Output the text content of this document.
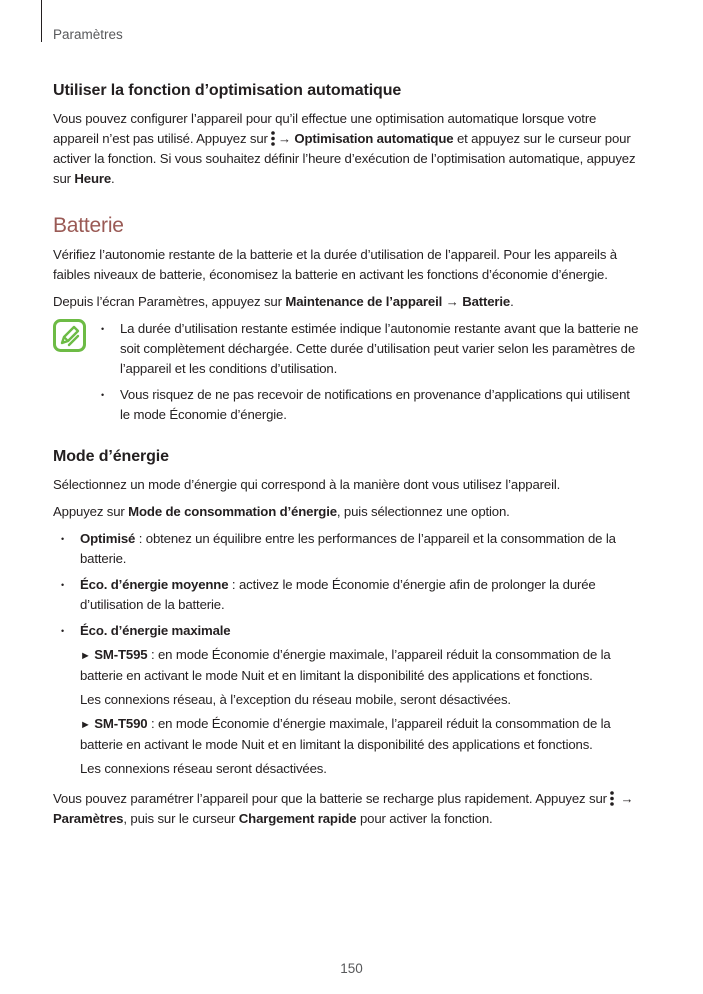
Paramètres
Utiliser la fonction d’optimisation automatique

Vous pouvez configurer l’appareil pour qu’il effectue une optimisation automatique lorsque votre appareil n’est pas utilisé. Appuyez sur → Optimisation automatique et appuyez sur le curseur pour activer la fonction. Si vous souhaitez définir l’heure d’exécution de l’optimisation automatique, appuyez sur Heure.

Batterie

Vérifiez l’autonomie restante de la batterie et la durée d’utilisation de l’appareil. Pour les appareils à faibles niveaux de batterie, économisez la batterie en activant les fonctions d’économie d’énergie.

Depuis l’écran Paramètres, appuyez sur Maintenance de l’appareil → Batterie.

• La durée d’utilisation restante estimée indique l’autonomie restante avant que la batterie ne soit complètement déchargée. Cette durée d’utilisation peut varier selon les paramètres de l’appareil et les conditions d’utilisation.
• Vous risquez de ne pas recevoir de notifications en provenance d’applications qui utilisent le mode Économie d’énergie.
Mode d’énergie

Sélectionnez un mode d’énergie qui correspond à la manière dont vous utilisez l’appareil.

Appuyez sur Mode de consommation d’énergie, puis sélectionnez une option.

• Optimisé : obtenez un équilibre entre les performances de l’appareil et la consommation de la batterie.
• Éco. d’énergie moyenne : activez le mode Économie d’énergie afin de prolonger la durée d’utilisation de la batterie.
• Éco. d’énergie maximale

► SM-T595 : en mode Économie d’énergie maximale, l’appareil réduit la consommation de la batterie en activant le mode Nuit et en limitant la disponibilité des applications et fonctions.

Les connexions réseau, à l’exception du réseau mobile, seront désactivées.

► SM-T590 : en mode Économie d’énergie maximale, l’appareil réduit la consommation de la batterie en activant le mode Nuit et en limitant la disponibilité des applications et fonctions.

Les connexions réseau seront désactivées.

Vous pouvez paramétrer l’appareil pour que la batterie se recharge plus rapidement. Appuyez sur → Paramètres, puis sur le curseur Chargement rapide pour activer la fonction.

150
